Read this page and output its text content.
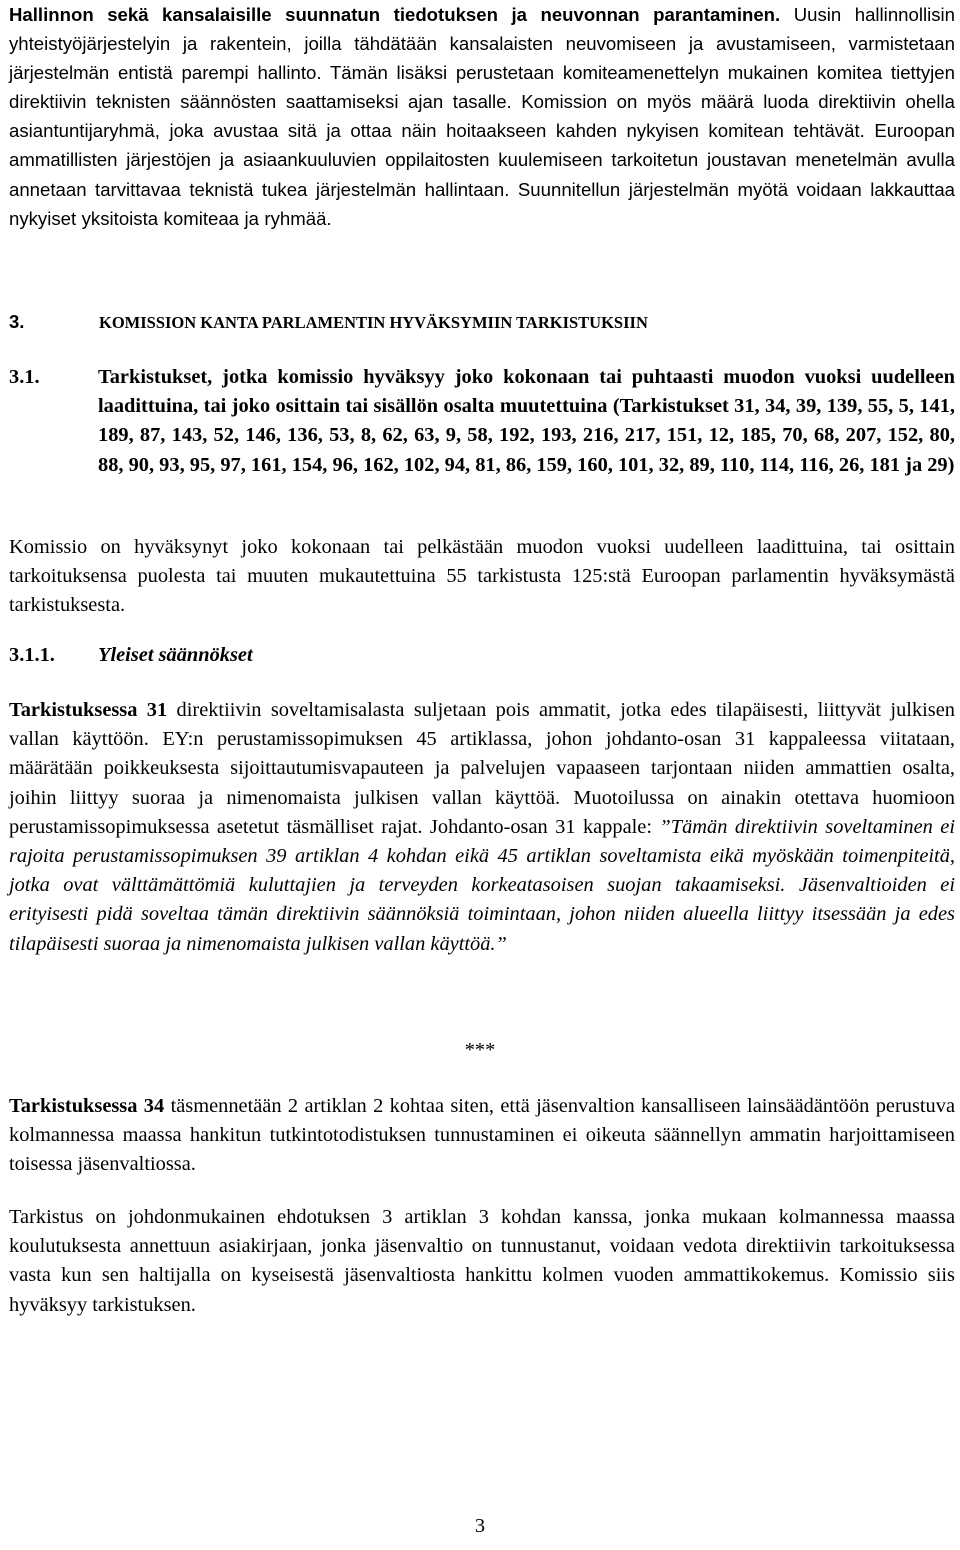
Hallinnon sekä kansalaisille suunnatun tiedotuksen ja neuvonnan parantaminen. Uusin hallinnollisin yhteistyöjärjestelyin ja rakentein, joilla tähdätään kansalaisten neuvomiseen ja avustamiseen, varmistetaan järjestelmän entistä parempi hallinto. Tämän lisäksi perustetaan komiteamenettelyn mukainen komitea tiettyjen direktiivin teknisten säännösten saattamiseksi ajan tasalle. Komission on myös määrä luoda direktiivin ohella asiantuntijaryhmä, joka avustaa sitä ja ottaa näin hoitaakseen kahden nykyisen komitean tehtävät. Euroopan ammatillisten järjestöjen ja asiaankuuluvien oppilaitosten kuulemiseen tarkoitetun joustavan menetelmän avulla annetaan tarvittavaa teknistä tukea järjestelmän hallintaan. Suunnitellun järjestelmän myötä voidaan lakkauttaa nykyiset yksitoista komiteaa ja ryhmää.
3.	KOMISSION KANTA PARLAMENTIN HYVÄKSYMIIN TARKISTUKSIIN
3.1.	Tarkistukset, jotka komissio hyväksyy joko kokonaan tai puhtaasti muodon vuoksi uudelleen laadittuina, tai joko osittain tai sisällön osalta muutettuina (Tarkistukset 31, 34, 39, 139, 55, 5, 141, 189, 87, 143, 52, 146, 136, 53, 8, 62, 63, 9, 58, 192, 193, 216, 217, 151, 12, 185, 70, 68, 207, 152, 80, 88, 90, 93, 95, 97, 161, 154, 96, 162, 102, 94, 81, 86, 159, 160, 101, 32, 89, 110, 114, 116, 26, 181 ja 29)
Komissio on hyväksynyt joko kokonaan tai pelkästään muodon vuoksi uudelleen laadittuina, tai osittain tarkoituksensa puolesta tai muuten mukautettuina 55 tarkistusta 125:stä Euroopan parlamentin hyväksymästä tarkistuksesta.
3.1.1. Yleiset säännökset
Tarkistuksessa 31 direktiivin soveltamisalasta suljetaan pois ammatit, jotka edes tilapäisesti, liittyvät julkisen vallan käyttöön. EY:n perustamissopimuksen 45 artiklassa, johon johdanto-osan 31 kappaleessa viitataan, määrätään poikkeuksesta sijoittautumisvapauteen ja palvelujen vapaaseen tarjontaan niiden ammattien osalta, joihin liittyy suoraa ja nimenomaista julkisen vallan käyttöä. Muotoilussa on ainakin otettava huomioon perustamissopimuksessa asetetut täsmälliset rajat. Johdanto-osan 31 kappale: ”Tämän direktiivin soveltaminen ei rajoita perustamissopimuksen 39 artiklan 4 kohdan eikä 45 artiklan soveltamista eikä myöskään toimenpiteitä, jotka ovat välttämättömiä kuluttajien ja terveyden korkeatasoisen suojan takaamiseksi. Jäsenvaltioiden ei erityisesti pidä soveltaa tämän direktiivin säännöksiä toimintaan, johon niiden alueella liittyy itsessään ja edes tilapäisesti suoraa ja nimenomaista julkisen vallan käyttöä.”
***
Tarkistuksessa 34 täsmennetään 2 artiklan 2 kohtaa siten, että jäsenvaltion kansalliseen lainsäädäntöön perustuva kolmannessa maassa hankitun tutkintotodistuksen tunnustaminen ei oikeuta säännellyn ammatin harjoittamiseen toisessa jäsenvaltiossa.
Tarkistus on johdonmukainen ehdotuksen 3 artiklan 3 kohdan kanssa, jonka mukaan kolmannessa maassa koulutuksesta annettuun asiakirjaan, jonka jäsenvaltio on tunnustanut, voidaan vedota direktiivin tarkoituksessa vasta kun sen haltijalla on kyseisestä jäsenvaltiosta hankittu kolmen vuoden ammattikokemus. Komissio siis hyväksyy tarkistuksen.
3
